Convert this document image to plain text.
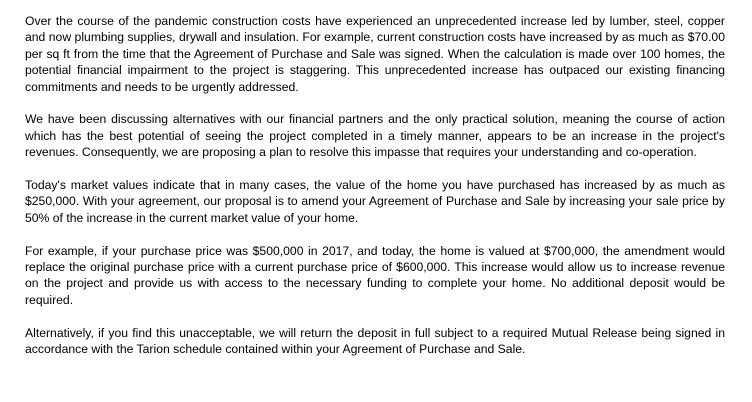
Over the course of the pandemic construction costs have experienced an unprecedented increase led by lumber, steel, copper and now plumbing supplies, drywall and insulation. For example, current construction costs have increased by as much as $70.00 per sq ft from the time that the Agreement of Purchase and Sale was signed. When the calculation is made over 100 homes, the potential financial impairment to the project is staggering. This unprecedented increase has outpaced our existing financing commitments and needs to be urgently addressed.

We have been discussing alternatives with our financial partners and the only practical solution, meaning the course of action which has the best potential of seeing the project completed in a timely manner, appears to be an increase in the project's revenues. Consequently, we are proposing a plan to resolve this impasse that requires your understanding and co-operation.

Today's market values indicate that in many cases, the value of the home you have purchased has increased by as much as $250,000. With your agreement, our proposal is to amend your Agreement of Purchase and Sale by increasing your sale price by 50% of the increase in the current market value of your home.

For example, if your purchase price was $500,000 in 2017, and today, the home is valued at $700,000, the amendment would replace the original purchase price with a current purchase price of $600,000. This increase would allow us to increase revenue on the project and provide us with access to the necessary funding to complete your home. No additional deposit would be required.

Alternatively, if you find this unacceptable, we will return the deposit in full subject to a required Mutual Release being signed in accordance with the Tarion schedule contained within your Agreement of Purchase and Sale.
